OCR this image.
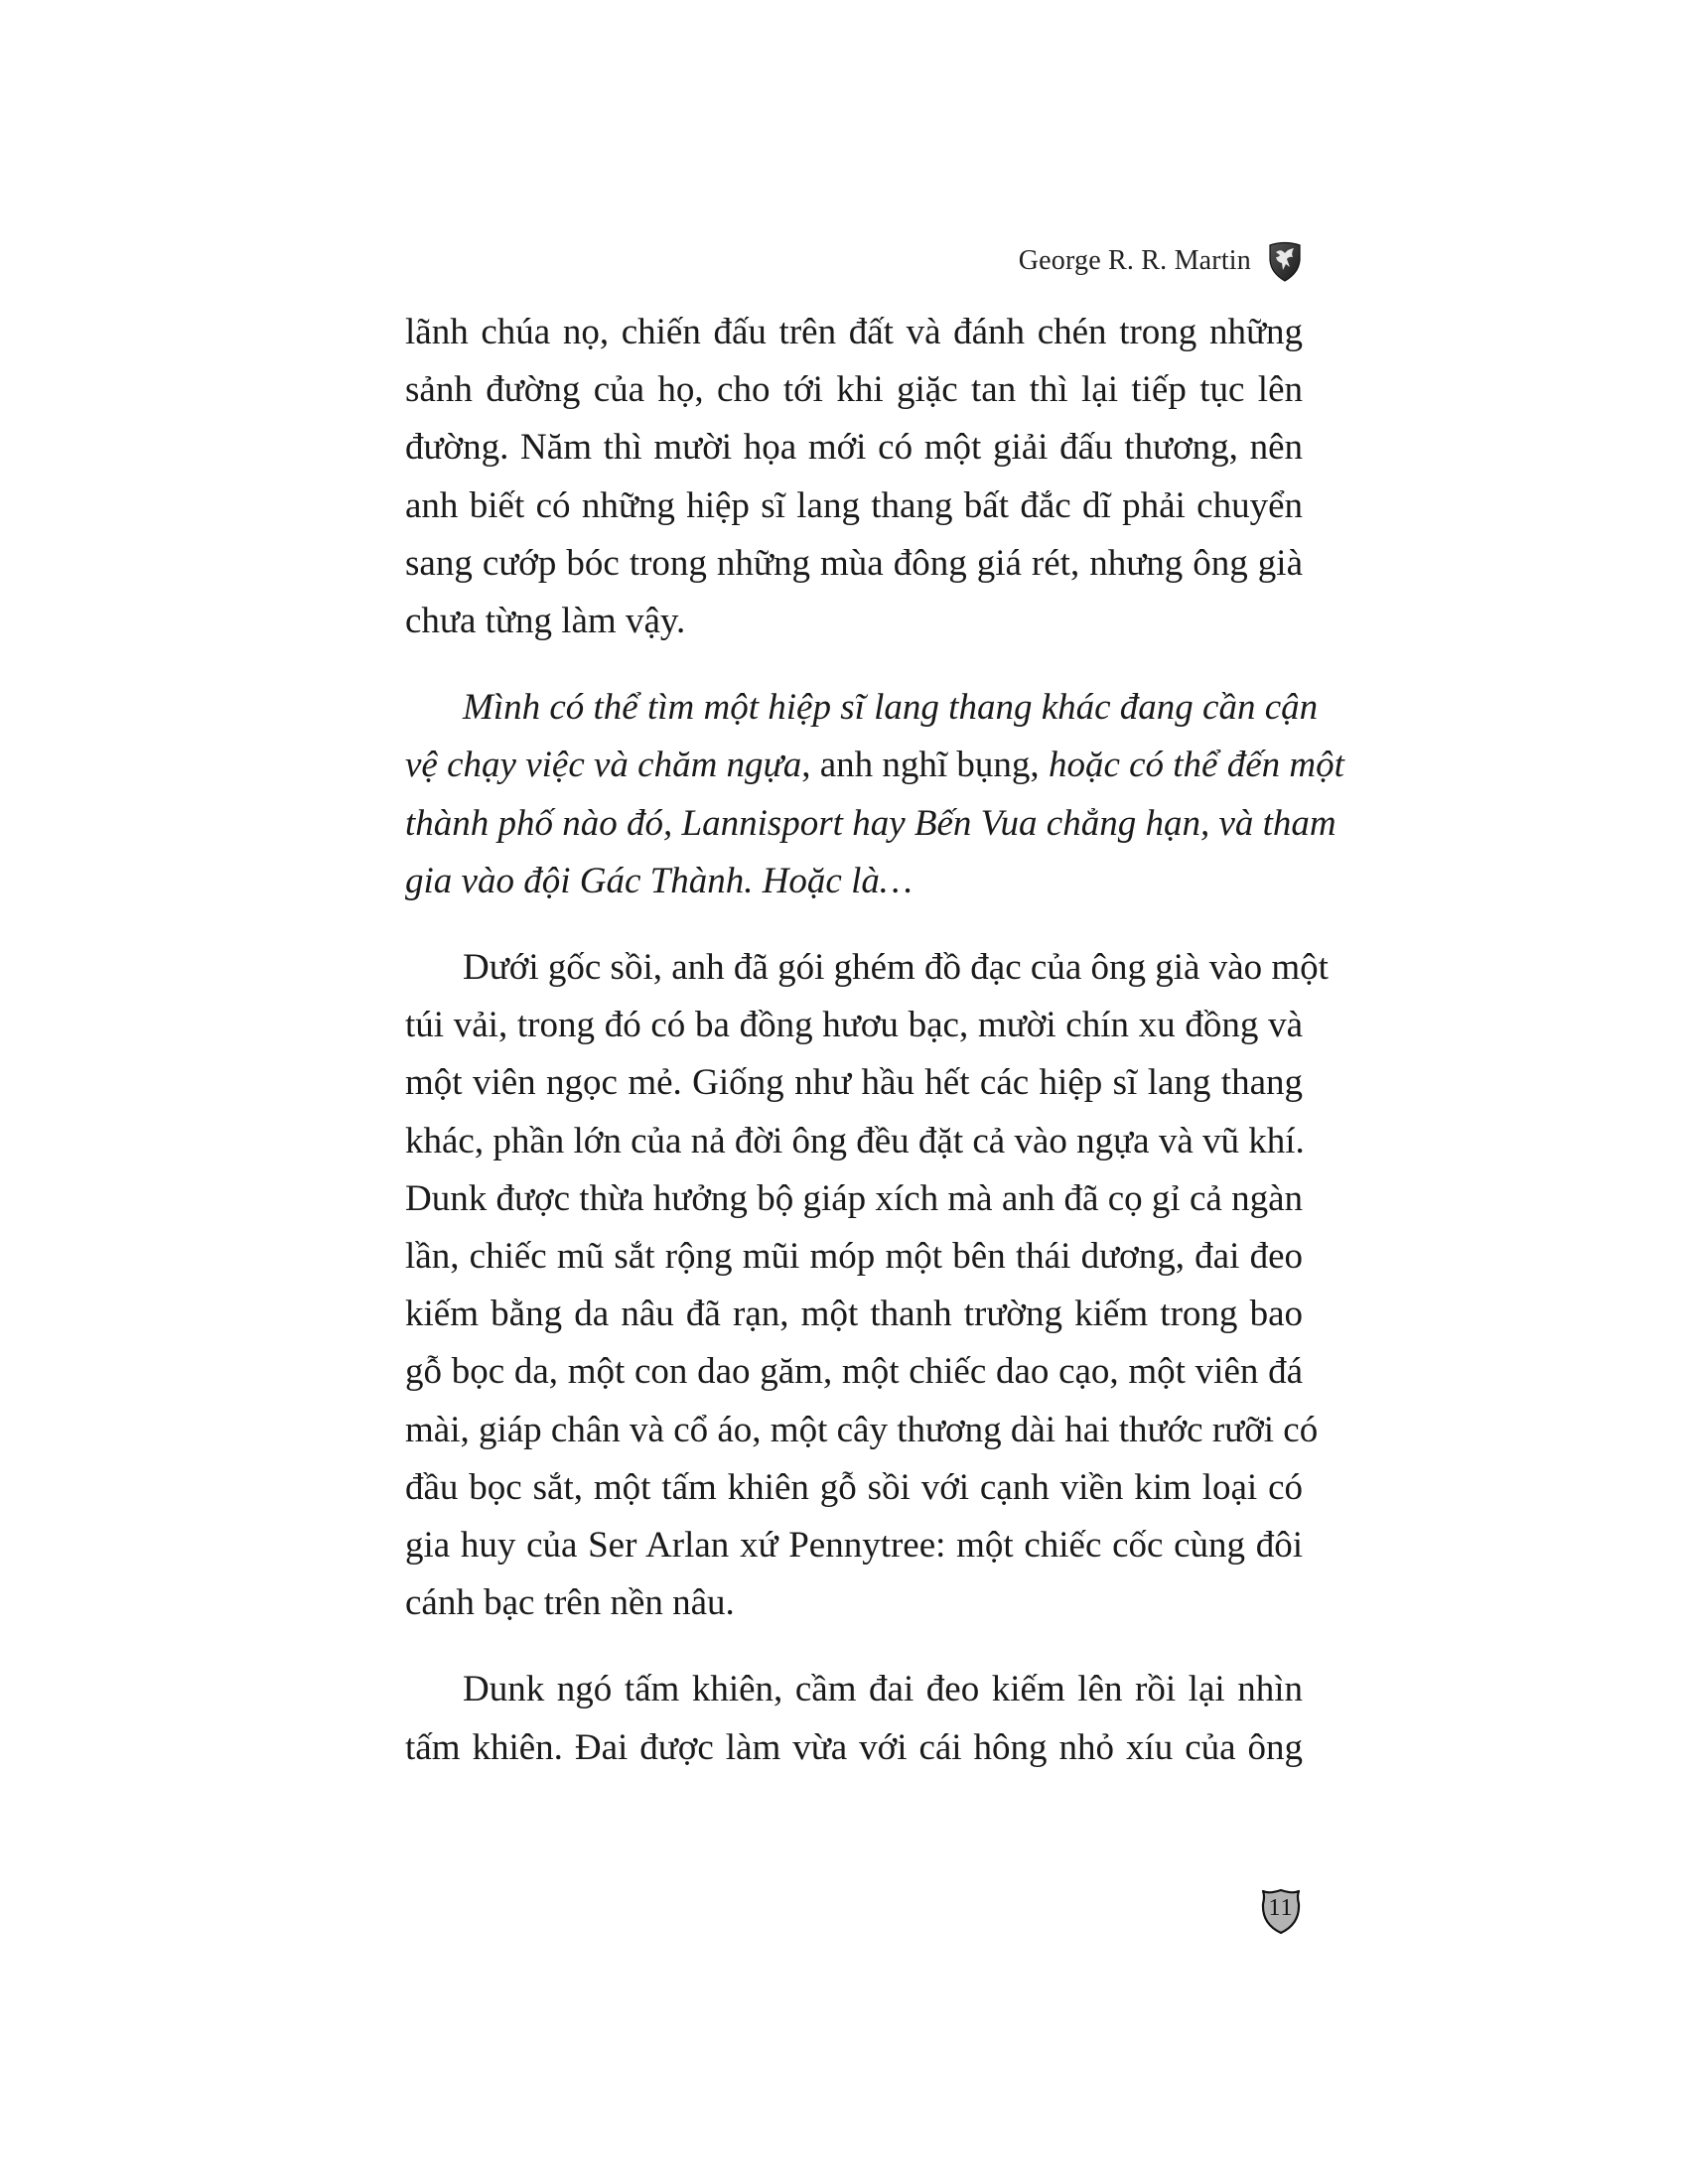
George R. R. Martin

lãnh chúa nọ, chiến đấu trên đất và đánh chén trong những
sảnh đường của họ, cho tới khi giặc tan thì lại tiếp tục lên
đường. Năm thì mười họa mới có một giải đấu thương, nên
anh biết có những hiệp sĩ lang thang bất đắc dĩ phải chuyển
sang cướp bóc trong những mùa đông giá rét, nhưng ông già
chưa từng làm vậy.

Mình có thể tìm một hiệp sĩ lang thang khác đang cần cận
vệ chạy việc và chăm ngựa, anh nghĩ bụng, hoặc có thể đến một
thành phố nào đó, Lannisport hay Bến Vua chẳng hạn, và tham
gia vào đội Gác Thành. Hoặc là…

Dưới gốc sồi, anh đã gói ghém đồ đạc của ông già vào một
túi vải, trong đó có ba đồng hươu bạc, mười chín xu đồng và
một viên ngọc mẻ. Giống như hầu hết các hiệp sĩ lang thang
khác, phần lớn của nả đời ông đều đặt cả vào ngựa và vũ khí.
Dunk được thừa hưởng bộ giáp xích mà anh đã cọ gỉ cả ngàn
lần, chiếc mũ sắt rộng mũi móp một bên thái dương, đai đeo
kiếm bằng da nâu đã rạn, một thanh trường kiếm trong bao
gỗ bọc da, một con dao găm, một chiếc dao cạo, một viên đá
mài, giáp chân và cổ áo, một cây thương dài hai thước rưỡi có
đầu bọc sắt, một tấm khiên gỗ sồi với cạnh viền kim loại có
gia huy của Ser Arlan xứ Pennytree: một chiếc cốc cùng đôi
cánh bạc trên nền nâu.

Dunk ngó tấm khiên, cầm đai đeo kiếm lên rồi lại nhìn
tấm khiên. Đai được làm vừa với cái hông nhỏ xíu của ông

11
